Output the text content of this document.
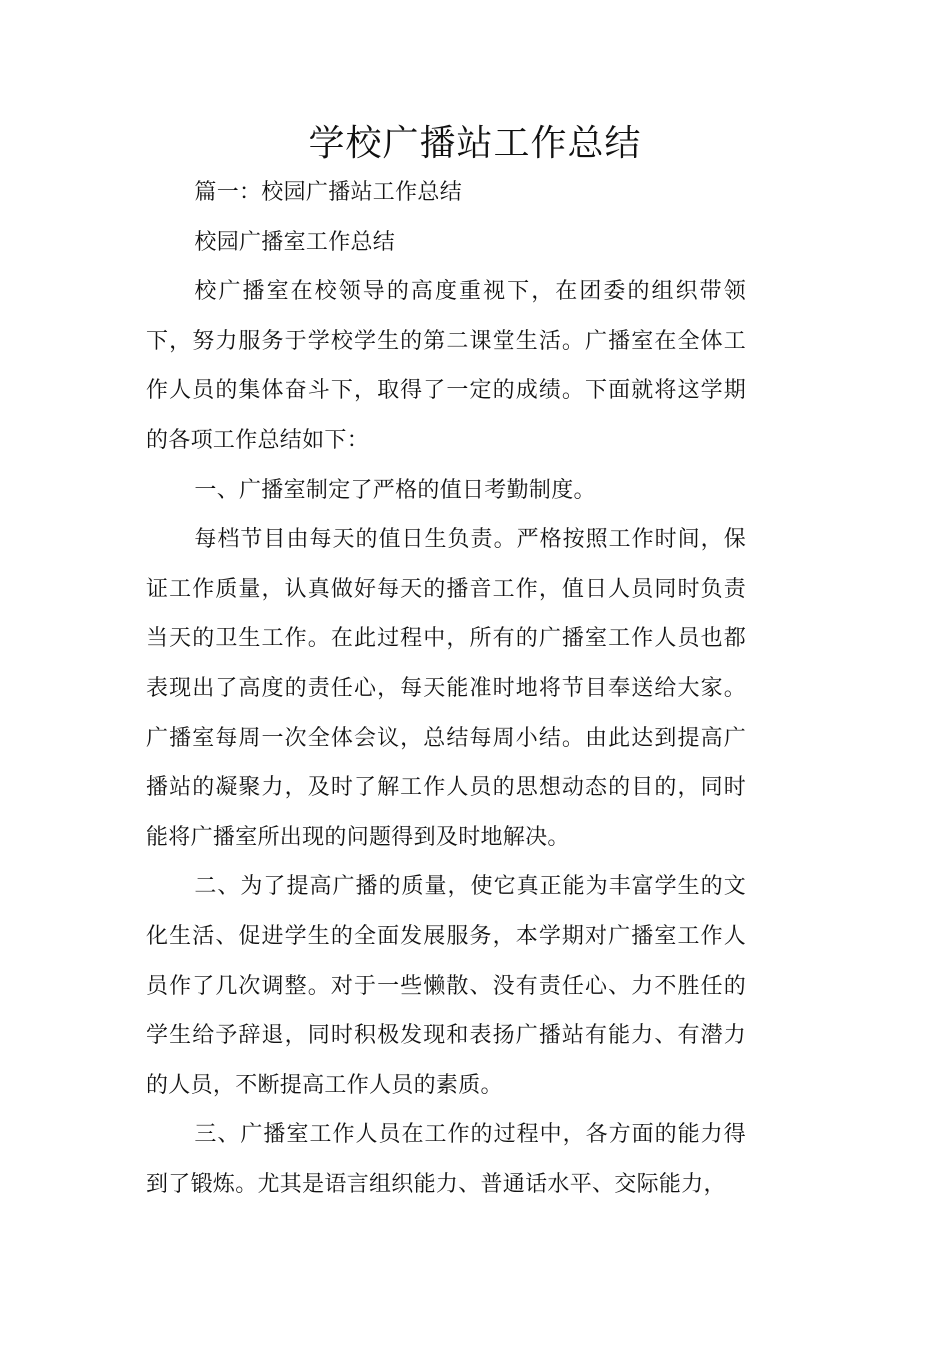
学校广播站工作总结

篇一：校园广播站工作总结

校园广播室工作总结

校广播室在校领导的高度重视下，在团委的组织带领下，努力服务于学校学生的第二课堂生活。广播室在全体工作人员的集体奋斗下，取得了一定的成绩。下面就将这学期的各项工作总结如下：

一、广播室制定了严格的值日考勤制度。

每档节目由每天的值日生负责。严格按照工作时间，保证工作质量，认真做好每天的播音工作，值日人员同时负责当天的卫生工作。在此过程中，所有的广播室工作人员也都表现出了高度的责任心，每天能准时地将节目奉送给大家。广播室每周一次全体会议，总结每周小结。由此达到提高广播站的凝聚力，及时了解工作人员的思想动态的目的，同时能将广播室所出现的问题得到及时地解决。

二、为了提高广播的质量，使它真正能为丰富学生的文化生活、促进学生的全面发展服务，本学期对广播室工作人员作了几次调整。对于一些懒散、没有责任心、力不胜任的学生给予辞退，同时积极发现和表扬广播站有能力、有潜力的人员，不断提高工作人员的素质。

三、广播室工作人员在工作的过程中，各方面的能力得到了锻炼。尤其是语言组织能力、普通话水平、交际能力，
